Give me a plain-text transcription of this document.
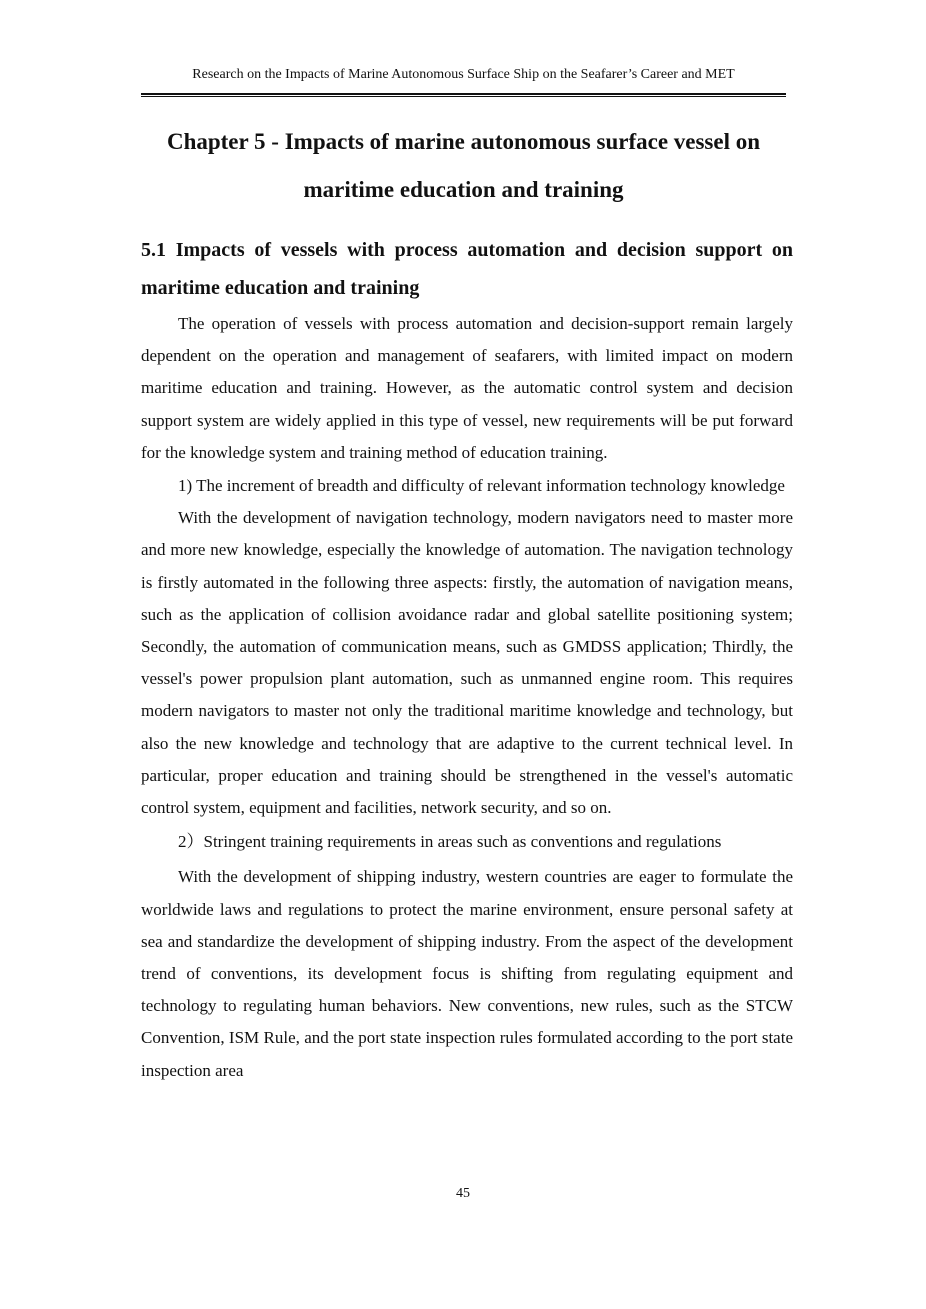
Research on the Impacts of Marine Autonomous Surface Ship on the Seafarer’s Career and MET
Chapter 5 - Impacts of marine autonomous surface vessel on
maritime education and training
5.1 Impacts of vessels with process automation and decision support on maritime education and training

The operation of vessels with process automation and decision-support remain largely dependent on the operation and management of seafarers, with limited impact on modern maritime education and training. However, as the automatic control system and decision support system are widely applied in this type of vessel, new requirements will be put forward for the knowledge system and training method of education training.

1) The increment of breadth and difficulty of relevant information technology knowledge

With the development of navigation technology, modern navigators need to master more and more new knowledge, especially the knowledge of automation. The navigation technology is firstly automated in the following three aspects: firstly, the automation of navigation means, such as the application of collision avoidance radar and global satellite positioning system; Secondly, the automation of communication means, such as GMDSS application; Thirdly, the vessel's power propulsion plant automation, such as unmanned engine room. This requires modern navigators to master not only the traditional maritime knowledge and technology, but also the new knowledge and technology that are adaptive to the current technical level. In particular, proper education and training should be strengthened in the vessel's automatic control system, equipment and facilities, network security, and so on.

2）Stringent training requirements in areas such as conventions and regulations

With the development of shipping industry, western countries are eager to formulate the worldwide laws and regulations to protect the marine environment, ensure personal safety at sea and standardize the development of shipping industry. From the aspect of the development trend of conventions, its development focus is shifting from regulating equipment and technology to regulating human behaviors. New conventions, new rules, such as the STCW Convention, ISM Rule, and the port state inspection rules formulated according to the port state inspection area

45
